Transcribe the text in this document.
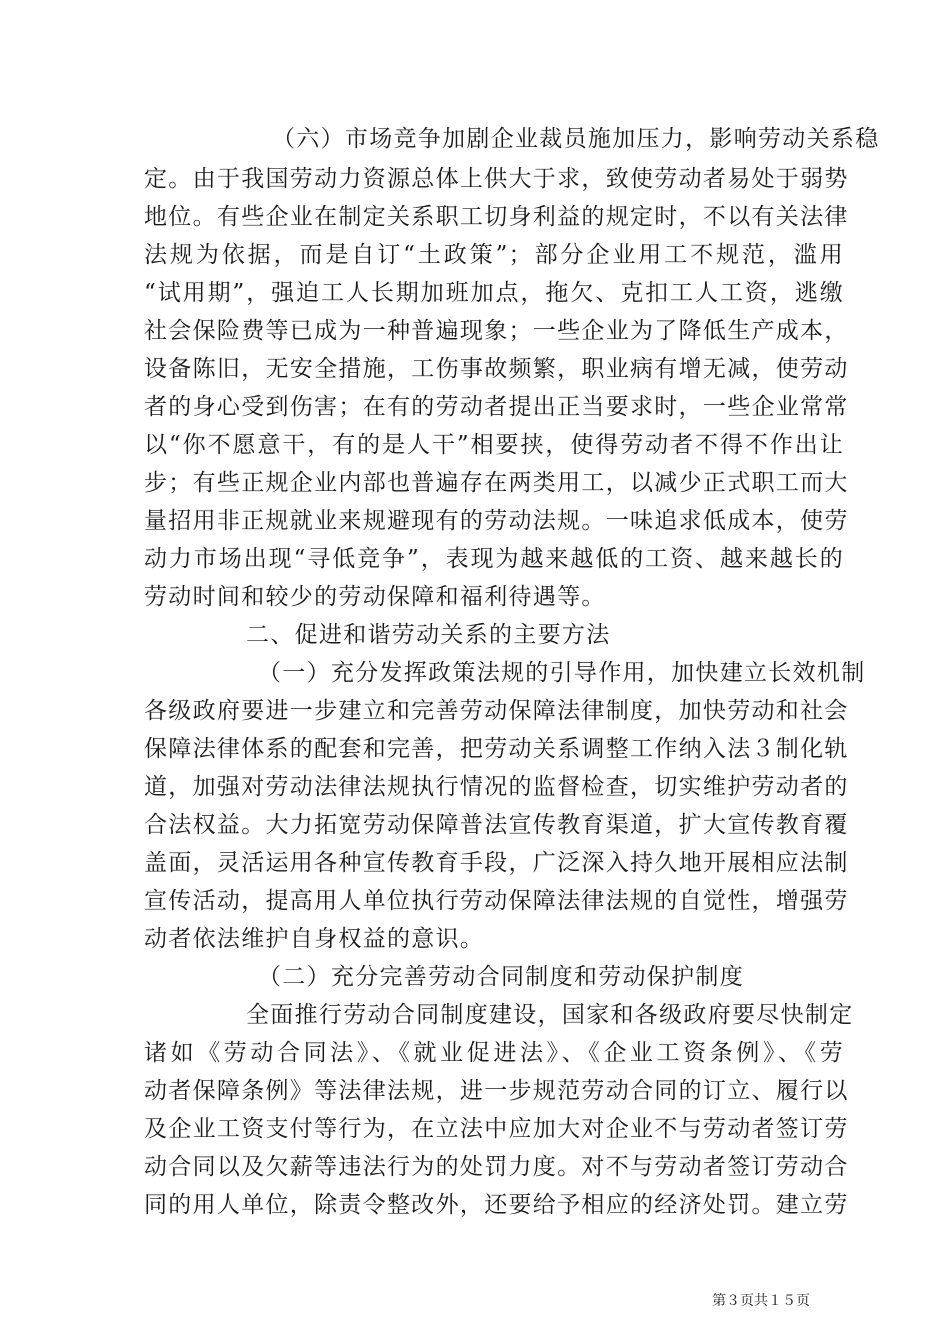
（六）市场竞争加剧企业裁员施加压力，影响劳动关系稳
定。由于我国劳动力资源总体上供大于求，致使劳动者易处于弱势
地位。有些企业在制定关系职工切身利益的规定时，不以有关法律
法规为依据，而是自订“土政策”；部分企业用工不规范，滥用
“试用期”，强迫工人长期加班加点，拖欠、克扣工人工资，逃缴
社会保险费等已成为一种普遍现象；一些企业为了降低生产成本，
设备陈旧，无安全措施，工伤事故频繁，职业病有增无减，使劳动
者的身心受到伤害；在有的劳动者提出正当要求时，一些企业常常
以“你不愿意干，有的是人干”相要挟，使得劳动者不得不作出让
步；有些正规企业内部也普遍存在两类用工，以减少正式职工而大
量招用非正规就业来规避现有的劳动法规。一味追求低成本，使劳
动力市场出现“寻低竞争”，表现为越来越低的工资、越来越长的
劳动时间和较少的劳动保障和福利待遇等。
二、促进和谐劳动关系的主要方法
（一）充分发挥政策法规的引导作用，加快建立长效机制
各级政府要进一步建立和完善劳动保障法律制度，加快劳动和社会
保障法律体系的配套和完善，把劳动关系调整工作纳入法３制化轨
道，加强对劳动法律法规执行情况的监督检查，切实维护劳动者的
合法权益。大力拓宽劳动保障普法宣传教育渠道，扩大宣传教育覆
盖面，灵活运用各种宣传教育手段，广泛深入持久地开展相应法制
宣传活动，提高用人单位执行劳动保障法律法规的自觉性，增强劳
动者依法维护自身权益的意识。
（二）充分完善劳动合同制度和劳动保护制度
全面推行劳动合同制度建设，国家和各级政府要尽快制定
诸如《劳动合同法》、《就业促进法》、《企业工资条例》、《劳
动者保障条例》等法律法规，进一步规范劳动合同的订立、履行以
及企业工资支付等行为，在立法中应加大对企业不与劳动者签订劳
动合同以及欠薪等违法行为的处罚力度。对不与劳动者签订劳动合
同的用人单位，除责令整改外，还要给予相应的经济处罚。建立劳
第３页共１５页
